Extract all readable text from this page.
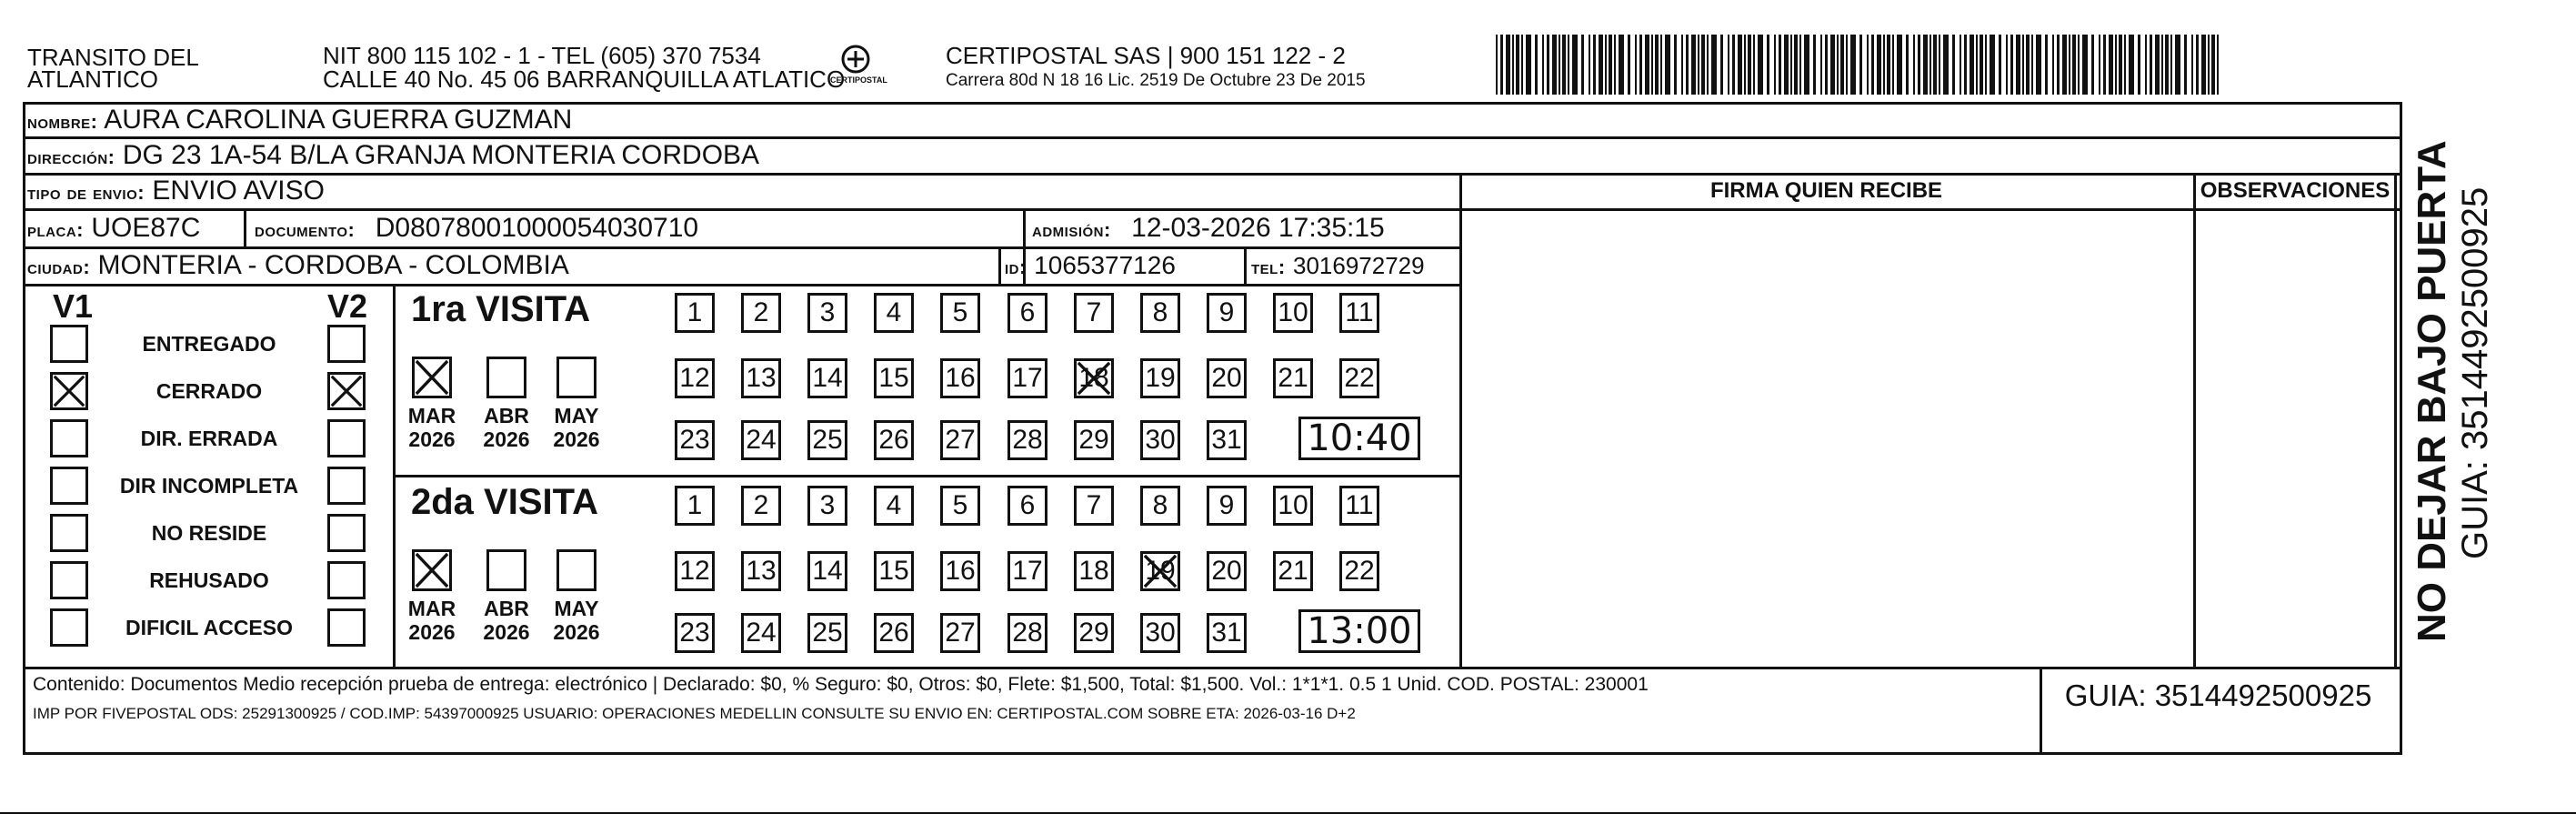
TRANSITO DEL
ATLANTICO
NIT 800 115 102 - 1 - TEL (605) 370 7534
CALLE 40 No. 45 06 BARRANQUILLA ATLATICO
CERTIPOSTAL
CERTIPOSTAL SAS | 900 151 122 - 2
Carrera 80d N 18 16 Lic. 2519 De Octubre 23 De 2015
nombre: AURA CAROLINA GUERRA GUZMAN
dirección: DG 23 1A-54 B/LA GRANJA MONTERIA CORDOBA
tipo de envio: ENVIO AVISO	FIRMA QUIEN RECIBE	OBSERVACIONES
placa: UOE87C	documento: D08078001000054030710	admisión: 12-03-2026 17:35:15
ciudad: MONTERIA - CORDOBA - COLOMBIA	id: 1065377126	tel: 3016972729
V1	V2
ENTREGADO
CERRADO
DIR. ERRADA
DIR INCOMPLETA
NO RESIDE
REHUSADO
DIFICIL ACCESO
1ra VISITA
MAR
2026
ABR
2026
MAY
2026
1	2	3	4	5	6	7	8	9	10 11
12 13 14 15 16 17 18 19 20 21 22
23 24 25 26 27 28 29 30 31 10:40
2da VISITA
MAR
2026
ABR
2026
MAY
2026
1	2	3	4	5	6	7	8	9	10 11
12 13 14 15 16 17 18 19 20 21 22
23 24 25 26 27 28 29 30 31 13:00
Contenido: Documentos Medio recepción prueba de entrega: electrónico | Declarado: $0, % Seguro: $0, Otros: $0, Flete: $1,500, Total: $1,500. Vol.: 1*1*1. 0.5 1 Unid. COD. POSTAL: 230001
IMP POR FIVEPOSTAL ODS: 25291300925 / COD.IMP: 54397000925 USUARIO: OPERACIONES MEDELLIN CONSULTE SU ENVIO EN: CERTIPOSTAL.COM SOBRE ETA: 2026-03-16 D+2
GUIA: 3514492500925
NO DEJAR BAJO PUERTA GUIA: 3514492500925
